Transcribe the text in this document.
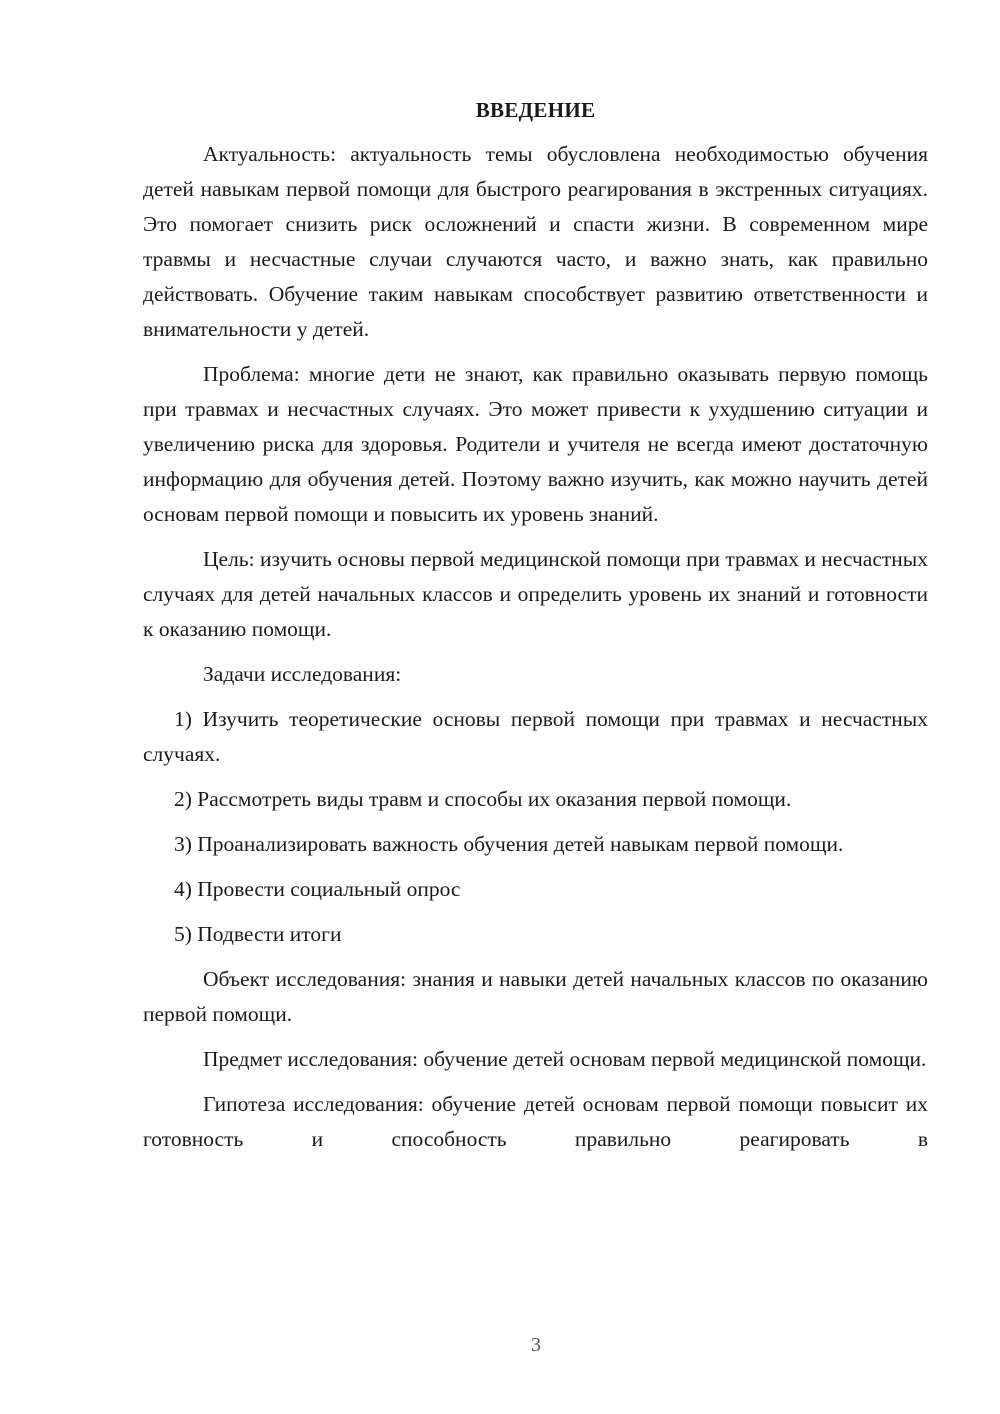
ВВЕДЕНИЕ

Актуальность: актуальность темы обусловлена необходимостью обучения детей навыкам первой помощи для быстрого реагирования в экстренных ситуациях. Это помогает снизить риск осложнений и спасти жизни. В современном мире травмы и несчастные случаи случаются часто, и важно знать, как правильно действовать. Обучение таким навыкам способствует развитию ответственности и внимательности у детей.

Проблема: многие дети не знают, как правильно оказывать первую помощь при травмах и несчастных случаях. Это может привести к ухудшению ситуации и увеличению риска для здоровья. Родители и учителя не всегда имеют достаточную информацию для обучения детей. Поэтому важно изучить, как можно научить детей основам первой помощи и повысить их уровень знаний.

Цель: изучить основы первой медицинской помощи при травмах и несчастных случаях для детей начальных классов и определить уровень их знаний и готовности к оказанию помощи.

Задачи исследования:

1) Изучить теоретические основы первой помощи при травмах и несчастных случаях.

2) Рассмотреть виды травм и способы их оказания первой помощи.

3) Проанализировать важность обучения детей навыкам первой помощи.

4) Провести социальный опрос

5) Подвести итоги

Объект исследования: знания и навыки детей начальных классов по оказанию первой помощи.

Предмет исследования: обучение детей основам первой медицинской помощи.

Гипотеза исследования: обучение детей основам первой помощи повысит их готовность и способность правильно реагировать в

3
